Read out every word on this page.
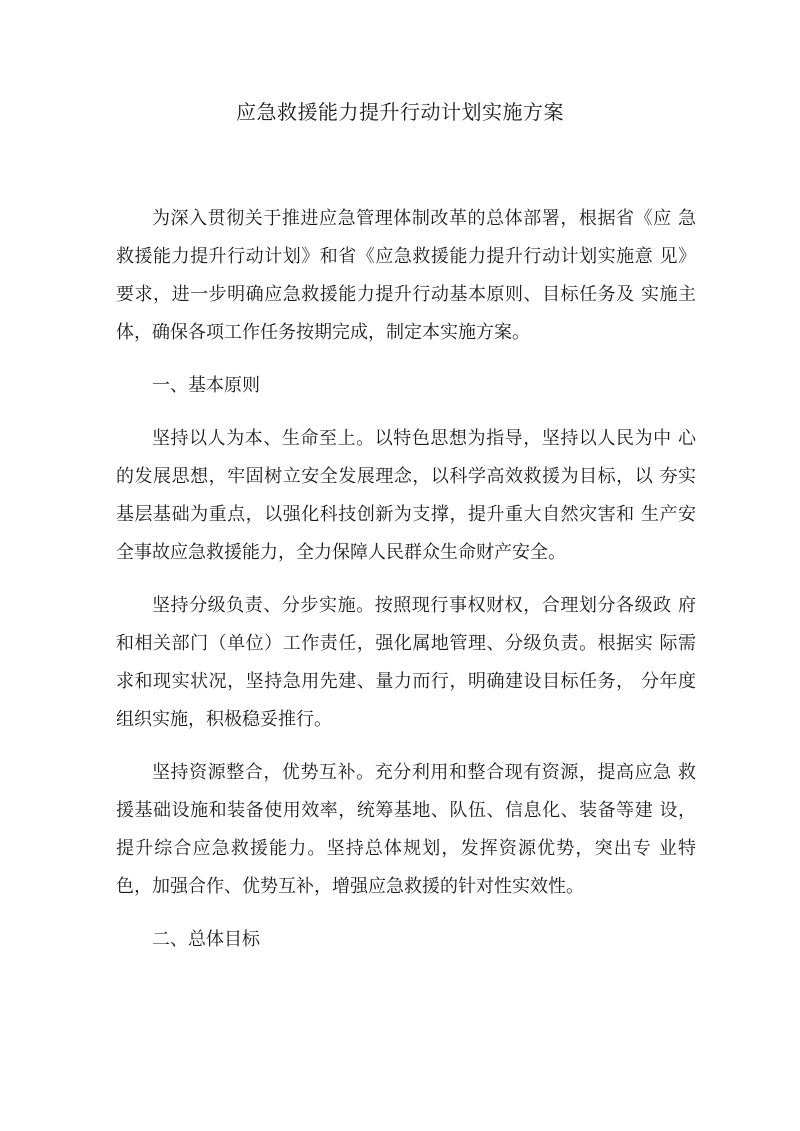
应急救援能力提升行动计划实施方案

为深入贯彻关于推进应急管理体制改革的总体部署，根据省《应 急救援能力提升行动计划》和省《应急救援能力提升行动计划实施意 见》要求，进一步明确应急救援能力提升行动基本原则、目标任务及 实施主体，确保各项工作任务按期完成，制定本实施方案。

一、基本原则

坚持以人为本、生命至上。以特色思想为指导，坚持以人民为中 心的发展思想，牢固树立安全发展理念，以科学高效救援为目标，以 夯实基层基础为重点，以强化科技创新为支撑，提升重大自然灾害和 生产安全事故应急救援能力，全力保障人民群众生命财产安全。

坚持分级负责、分步实施。按照现行事权财权，合理划分各级政 府和相关部门（单位）工作责任，强化属地管理、分级负责。根据实 际需求和现实状况，坚持急用先建、量力而行，明确建设目标任务， 分年度组织实施，积极稳妥推行。

坚持资源整合，优势互补。充分利用和整合现有资源，提高应急 救援基础设施和装备使用效率，统筹基地、队伍、信息化、装备等建 设，提升综合应急救援能力。坚持总体规划，发挥资源优势，突出专 业特色，加强合作、优势互补，增强应急救援的针对性实效性。

二、总体目标
